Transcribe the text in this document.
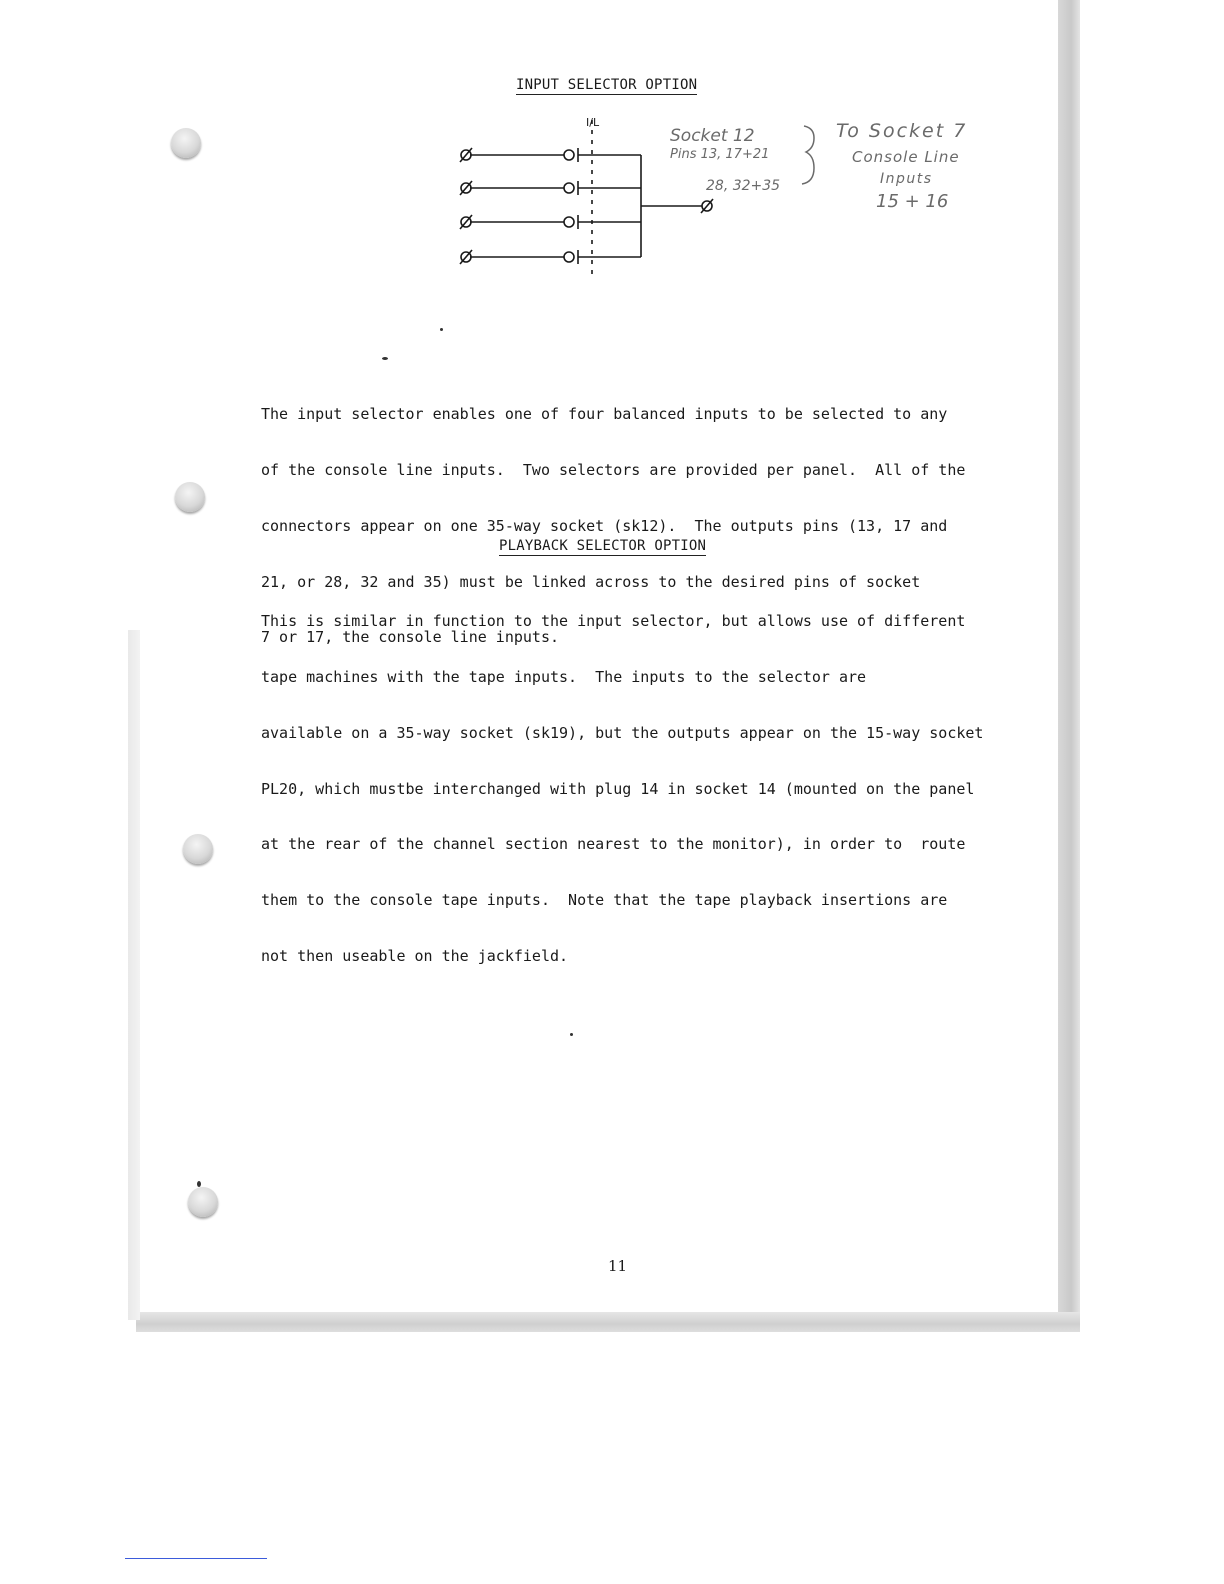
INPUT SELECTOR OPTION
I/L
Socket 12
Pins 13, 17+21
28, 32+35
To Socket 7
Console Line
Inputs
15 + 16

The input selector enables one of four balanced inputs to be selected to any

of the console line inputs.  Two selectors are provided per panel.  All of the

connectors appear on one 35-way socket (sk12).  The outputs pins (13, 17 and

21, or 28, 32 and 35) must be linked across to the desired pins of socket

7 or 17, the console line inputs.

PLAYBACK SELECTOR OPTION

This is similar in function to the input selector, but allows use of different

tape machines with the tape inputs.  The inputs to the selector are

available on a 35-way socket (sk19), but the outputs appear on the 15-way socket

PL20, which mustbe interchanged with plug 14 in socket 14 (mounted on the panel

at the rear of the channel section nearest to the monitor), in order to  route

them to the console tape inputs.  Note that the tape playback insertions are

not then useable on the jackfield.

11
